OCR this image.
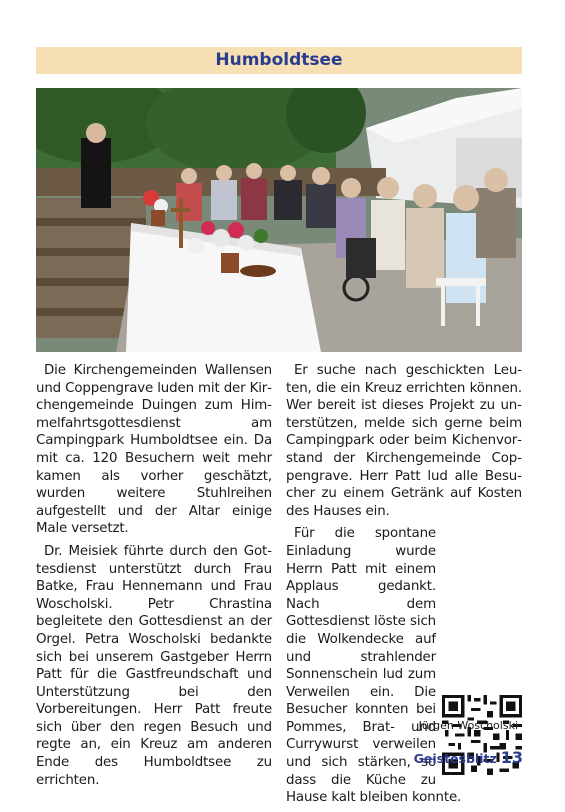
Humboldtsee

Die Kirchengemeinden Wallensen und Coppengrave luden mit der Kirchengemeinde Duingen zum Himmelfahrtsgottesdienst am Campingpark Humboldtsee ein. Da mit ca. 120 Besuchern weit mehr kamen als vorher geschätzt, wurden weitere Stuhlreihen aufgestellt und der Altar einige Male versetzt.

Dr. Meisiek führte durch den Gottesdienst unterstützt durch Frau Batke, Frau Hennemann und Frau Woscholski. Petr Chrastina begleitete den Gottesdienst an der Orgel. Petra Woscholski bedankte sich bei unserem Gastgeber Herrn Patt für die Gastfreundschaft und Unterstützung bei den Vorbereitungen. Herr Patt freute sich über den regen Besuch und regte an, ein Kreuz am anderen Ende des Humboldtsee zu errichten.

Er suche nach geschickten Leuten, die ein Kreuz errichten können. Wer bereit ist dieses Projekt zu unterstützen, melde sich gerne beim Campingpark oder beim Kichenvorstand der Kirchengemeinde Coppengrave. Herr Patt lud alle Besucher zu einem Getränk auf Kosten des Hauses ein.

Für die spontane Einladung wurde Herrn Patt mit einem Applaus gedankt. Nach dem Gottesdienst löste sich die Wolkendecke auf und strahlender Sonnenschein lud zum Verweilen ein. Die Besucher konnten bei Pommes, Brat- und Currywurst verweilen und sich stärken, so dass die Küche zu Hause kalt bleiben konnte.

Jürgen Woscholski
Geistesblitz 13
